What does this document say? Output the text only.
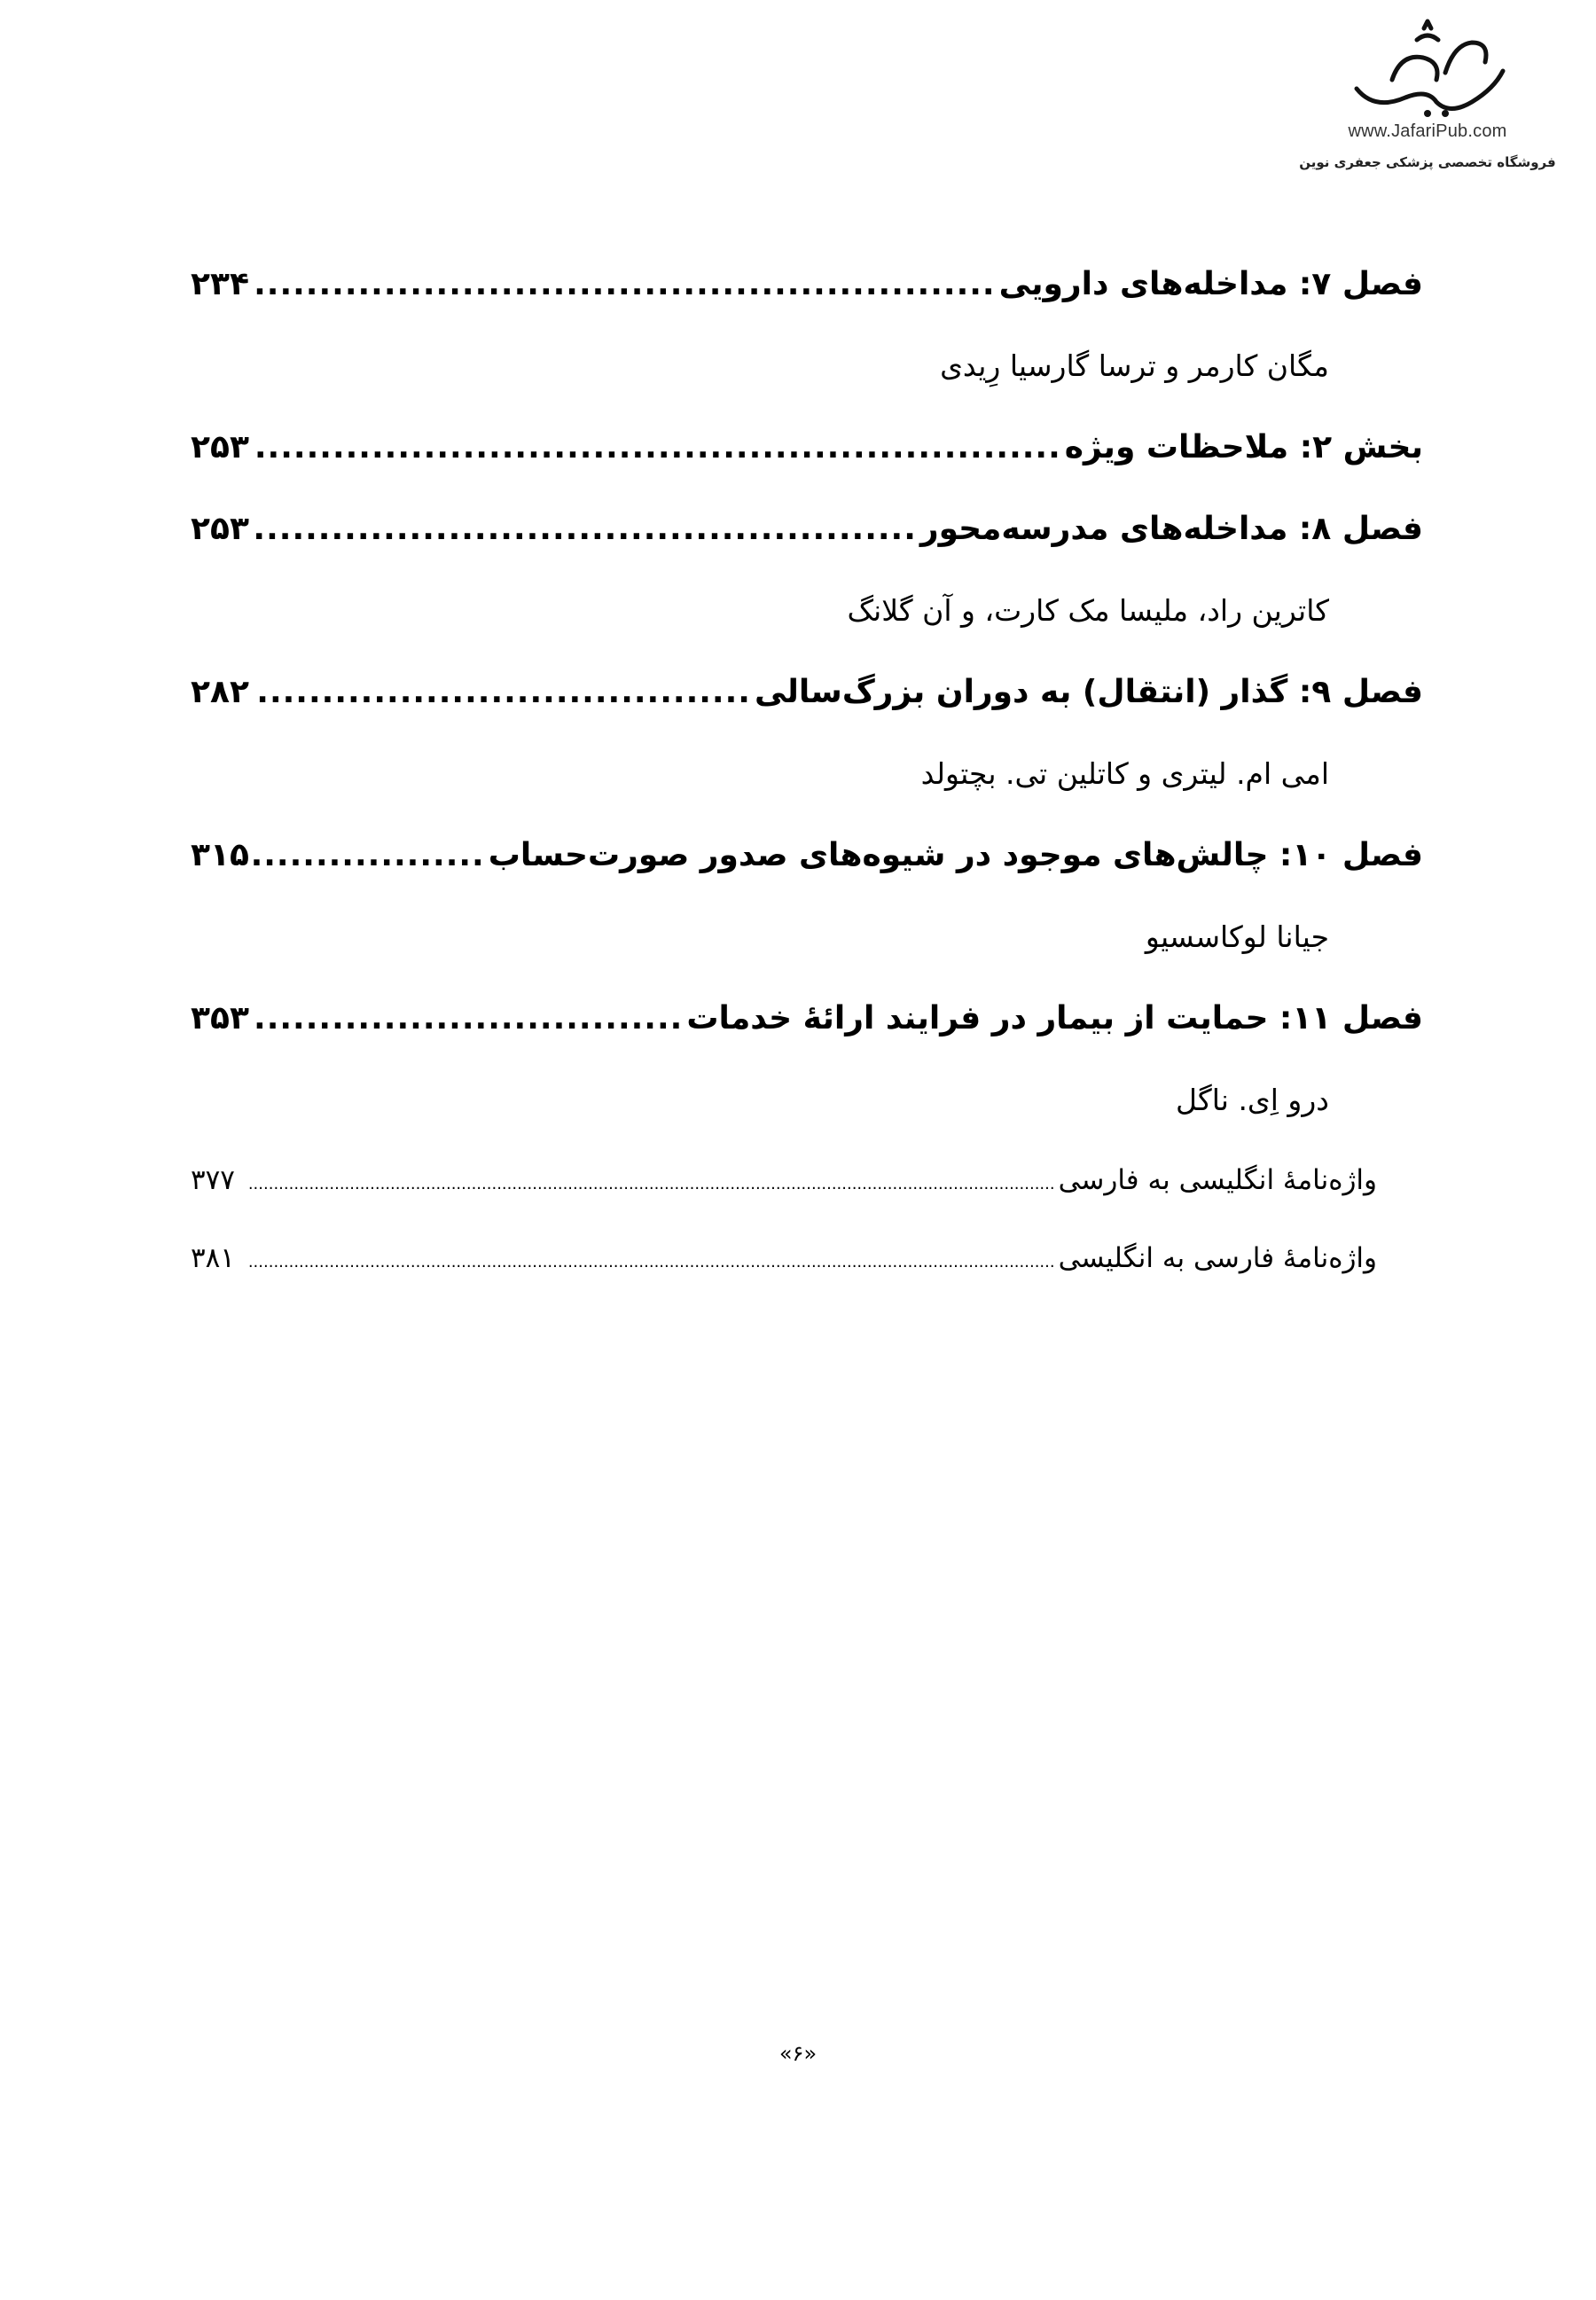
www.JafariPub.com
فروشگاه تخصصی پزشکی جعفری نوین
فصل ۷: مداخله‌های دارویی
.....
۲۳۴
مگان کارمر و ترسا گارسیا رِیدی
بخش ۲: ملاحظات ویژه
.....
۲۵۳
فصل ۸: مداخله‌های مدرسه‌محور
.....
۲۵۳
کاترین راد، ملیسا مک کارت، و آن گلانگ
فصل ۹: گذار (انتقال) به دوران بزرگ‌سالی
.....
۲۸۲
امی ام. لیتری و کاتلین تی. بچتولد
فصل ۱۰: چالش‌های موجود در شیوه‌های صدور صورت‌حساب
.....
۳۱۵
جیانا لوکاسسیو
فصل ۱۱: حمایت از بیمار در فرایند ارائهٔ خدمات
.....
۳۵۳
درو اِی. ناگل
واژه‌نامهٔ انگلیسی به فارسی
.....
۳۷۷
واژه‌نامهٔ فارسی به انگلیسی
.....
۳۸۱
«۶»
